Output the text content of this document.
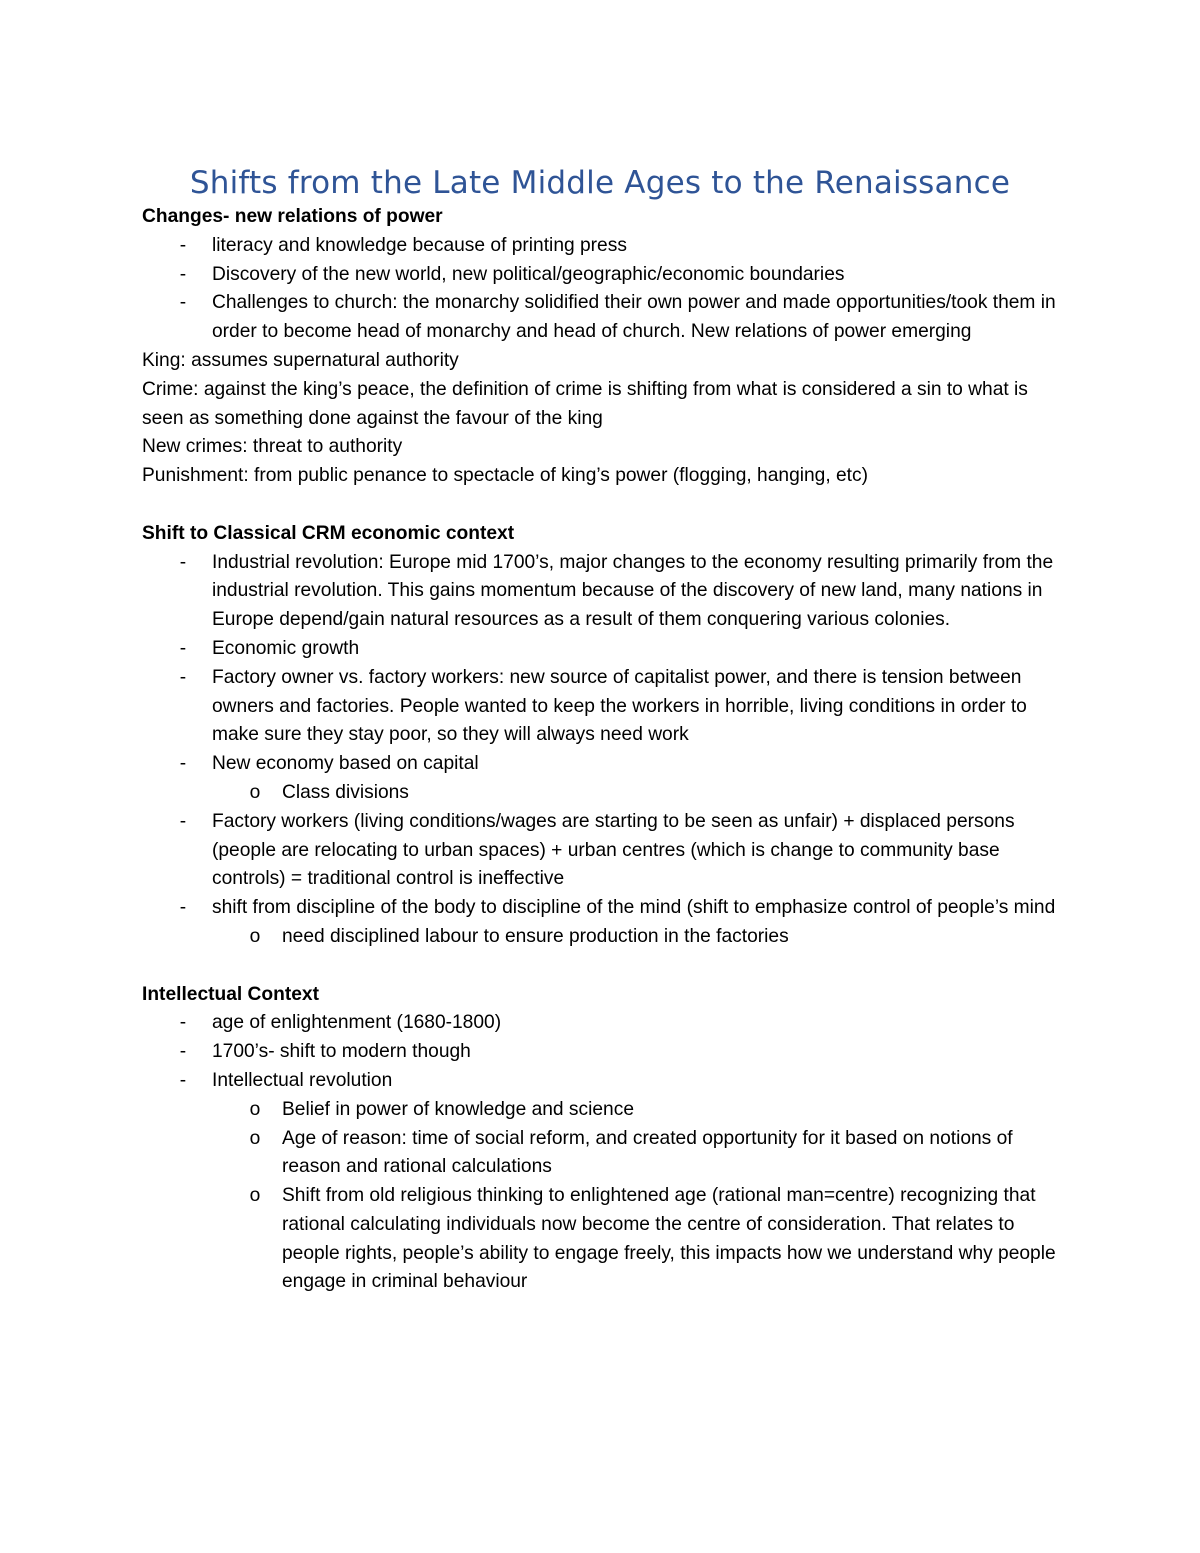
Shifts from the Late Middle Ages to the Renaissance

Changes- new relations of power

- literacy and knowledge because of printing press
- Discovery of the new world, new political/geographic/economic boundaries
- Challenges to church: the monarchy solidified their own power and made opportunities/took them in order to become head of monarchy and head of church. New relations of power emerging

King: assumes supernatural authority

Crime: against the king’s peace, the definition of crime is shifting from what is considered a sin to what is seen as something done against the favour of the king

New crimes: threat to authority

Punishment: from public penance to spectacle of king’s power (flogging, hanging, etc)

Shift to Classical CRM economic context

- Industrial revolution: Europe mid 1700’s, major changes to the economy resulting primarily from the industrial revolution. This gains momentum because of the discovery of new land, many nations in Europe depend/gain natural resources as a result of them conquering various colonies.
- Economic growth
- Factory owner vs. factory workers: new source of capitalist power, and there is tension between owners and factories. People wanted to keep the workers in horrible, living conditions in order to make sure they stay poor, so they will always need work
- New economy based on capital
o Class divisions
- Factory workers (living conditions/wages are starting to be seen as unfair) + displaced persons (people are relocating to urban spaces) + urban centres (which is change to community base controls) = traditional control is ineffective
- shift from discipline of the body to discipline of the mind (shift to emphasize control of people’s mind
o need disciplined labour to ensure production in the factories

Intellectual Context

- age of enlightenment (1680-1800)
- 1700’s- shift to modern though
- Intellectual revolution
o Belief in power of knowledge and science
o Age of reason: time of social reform, and created opportunity for it based on notions of reason and rational calculations
o Shift from old religious thinking to enlightened age (rational man=centre) recognizing that rational calculating individuals now become the centre of consideration. That relates to people rights, people’s ability to engage freely, this impacts how we understand why people engage in criminal behaviour
